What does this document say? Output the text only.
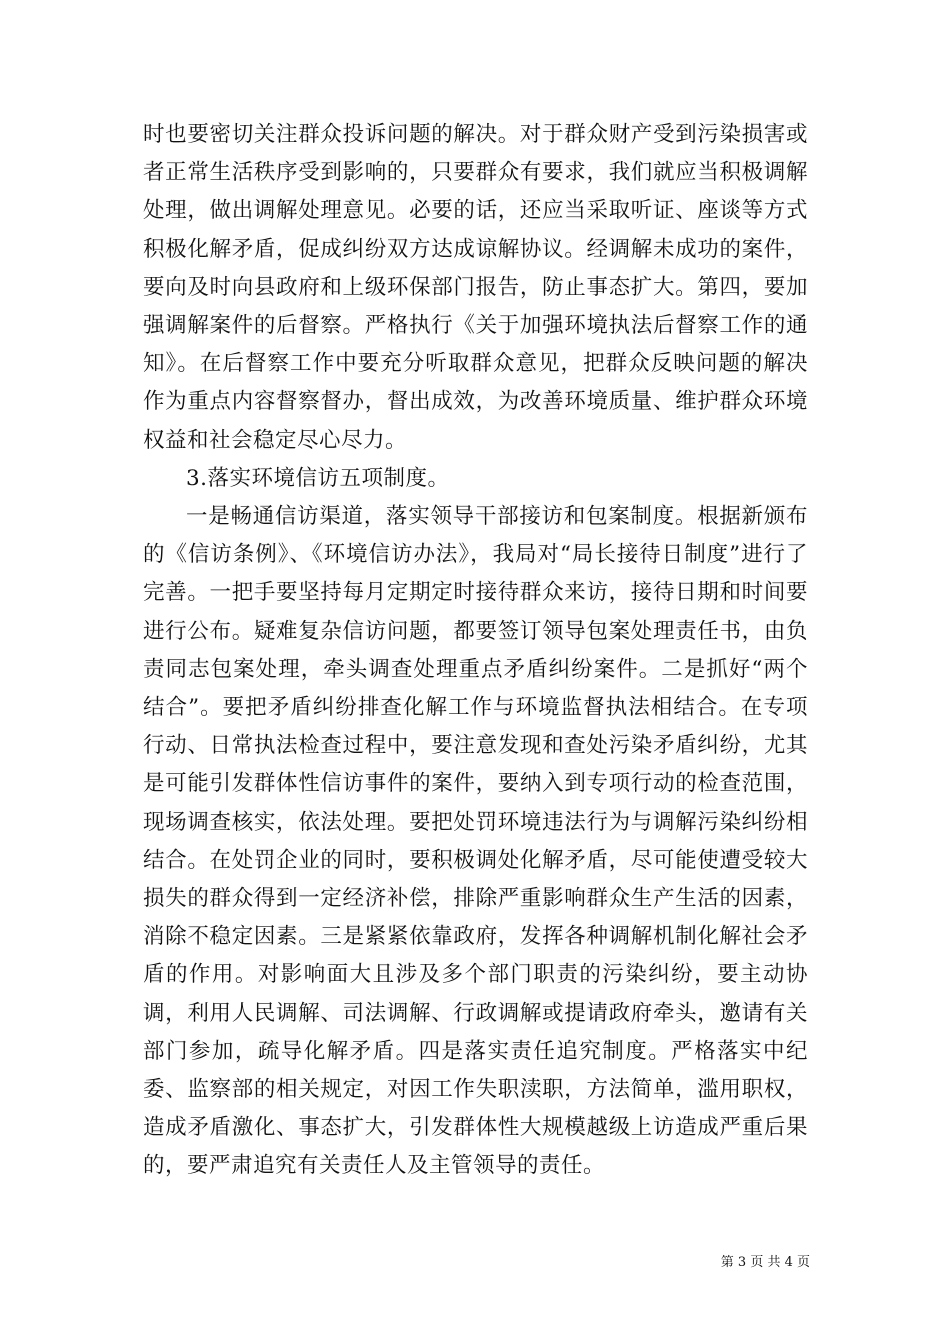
时也要密切关注群众投诉问题的解决。对于群众财产受到污染损害或者正常生活秩序受到影响的，只要群众有要求，我们就应当积极调解处理，做出调解处理意见。必要的话，还应当采取听证、座谈等方式积极化解矛盾，促成纠纷双方达成谅解协议。经调解未成功的案件，要向及时向县政府和上级环保部门报告，防止事态扩大。第四，要加强调解案件的后督察。严格执行《关于加强环境执法后督察工作的通知》。在后督察工作中要充分听取群众意见，把群众反映问题的解决作为重点内容督察督办，督出成效，为改善环境质量、维护群众环境权益和社会稳定尽心尽力。

3.落实环境信访五项制度。

一是畅通信访渠道，落实领导干部接访和包案制度。根据新颁布的《信访条例》、《环境信访办法》，我局对“局长接待日制度”进行了完善。一把手要坚持每月定期定时接待群众来访，接待日期和时间要进行公布。疑难复杂信访问题，都要签订领导包案处理责任书，由负责同志包案处理，牵头调查处理重点矛盾纠纷案件。二是抓好“两个结合”。要把矛盾纠纷排查化解工作与环境监督执法相结合。在专项行动、日常执法检查过程中，要注意发现和查处污染矛盾纠纷，尤其是可能引发群体性信访事件的案件，要纳入到专项行动的检查范围，现场调查核实，依法处理。要把处罚环境违法行为与调解污染纠纷相结合。在处罚企业的同时，要积极调处化解矛盾，尽可能使遭受较大损失的群众得到一定经济补偿，排除严重影响群众生产生活的因素，消除不稳定因素。三是紧紧依靠政府，发挥各种调解机制化解社会矛盾的作用。对影响面大且涉及多个部门职责的污染纠纷，要主动协调，利用人民调解、司法调解、行政调解或提请政府牵头，邀请有关部门参加，疏导化解矛盾。四是落实责任追究制度。严格落实中纪委、监察部的相关规定，对因工作失职渎职，方法简单，滥用职权，造成矛盾激化、事态扩大，引发群体性大规模越级上访造成严重后果的，要严肃追究有关责任人及主管领导的责任。

第 3 页 共 4 页
